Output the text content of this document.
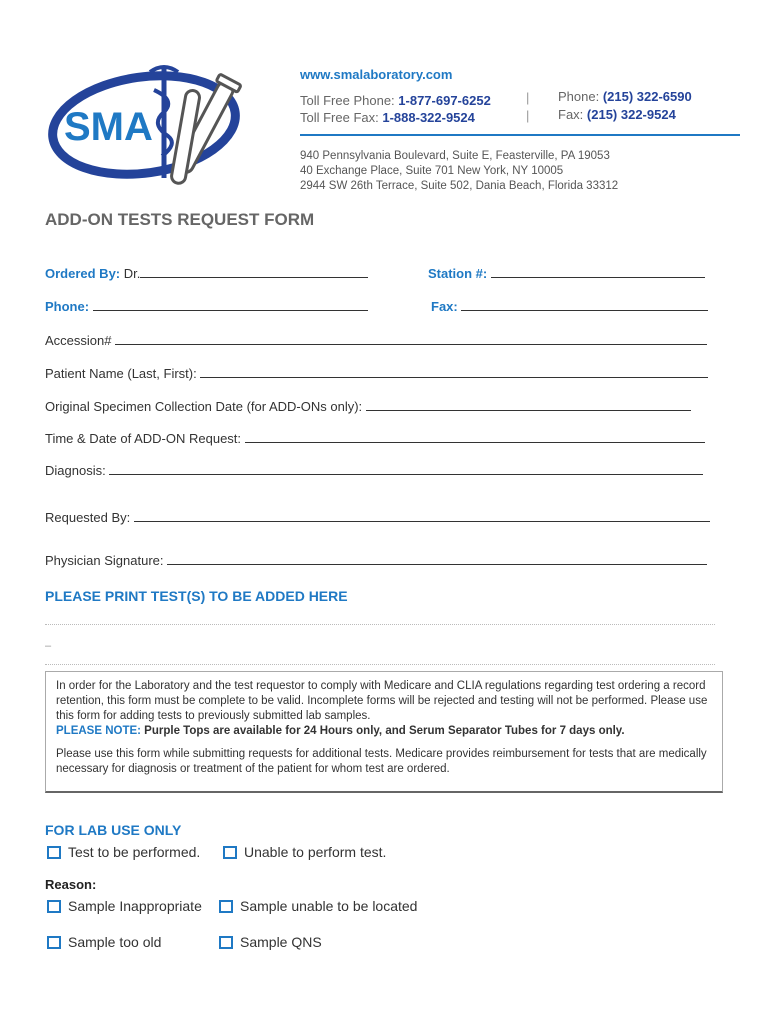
SMA
www.smalaboratory.com
Toll Free Phone: 1-877-697-6252
Toll Free Fax: 1-888-322-9524
|
|
Phone: (215) 322-6590
Fax: (215) 322-9524
940 Pennsylvania Boulevard, Suite E, Feasterville, PA 19053
40 Exchange Place, Suite 701 New York, NY 10005
2944 SW 26th Terrace, Suite 502, Dania Beach, Florida 33312
ADD-ON TESTS REQUEST FORM
Ordered By: Dr.	Station #:
Phone:	Fax:
Accession#
Patient Name (Last, First):
Original Specimen Collection Date (for ADD-ONs only):
Time & Date of ADD-ON Request:
Diagnosis:
Requested By:
Physician Signature:
PLEASE PRINT TEST(S) TO BE ADDED HERE
–

In order for the Laboratory and the test requestor to comply with Medicare and CLIA regulations regarding test ordering a record retention, this form must be complete to be valid. Incomplete forms will be rejected and testing will not be performed. Please use this form for adding tests to previously submitted lab samples.

PLEASE NOTE: Purple Tops are available for 24 Hours only, and Serum Separator Tubes for 7 days only.

Please use this form while submitting requests for additional tests. Medicare provides reimbursement for tests that are medically necessary for diagnosis or treatment of the patient for whom test are ordered.

FOR LAB USE ONLY
Test to be performed.	Unable to perform test.
Reason:
Sample Inappropriate	Sample unable to be located
Sample too old	Sample QNS
